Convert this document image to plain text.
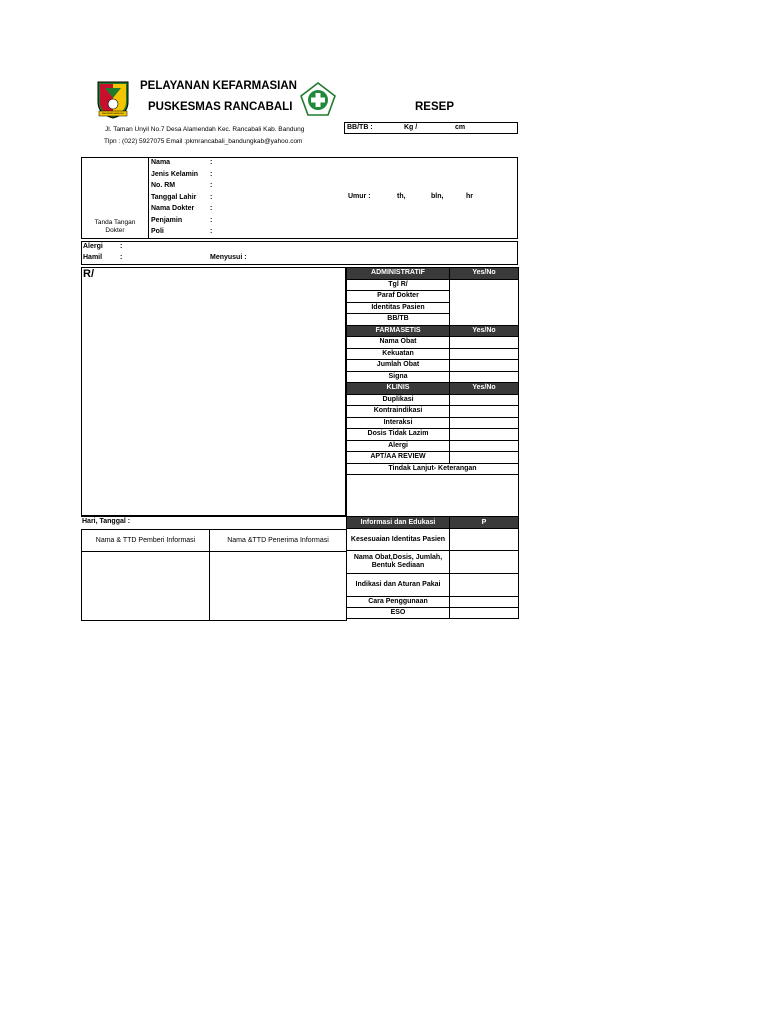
KABUPATEN BANDUNG
PELAYANAN KEFARMASIAN
PUSKESMAS RANCABALI	RESEP
Jl. Taman Unyil No.7 Desa Alamendah Kec. Rancabali Kab. Bandung
Tlpn : (022) 5927075 Email :pkmrancabali_bandungkab@yahoo.com
BB/TB :	Kg /	cm
Tanda Tangan Dokter
Nama	:
Jenis Kelamin :
No. RM	:
Tanggal Lahir :
Nama Dokter :
Penjamin	:
Poli	:
Umur :	th,	bln,	hr
Alergi :
Hamil	:	Menyusui :
R/	ADMINISTRATIF	Yes/No
Tgl R/
Paraf Dokter
Identitas Pasien
BB/TB
FARMASETIS	Yes/No
Nama Obat
Kekuatan
Jumlah Obat
Signa
KLINIS	Yes/No
Duplikasi
Kontraindikasi
Interaksi
Dosis Tidak Lazim
Alergi
APT/AA REVIEW
Tindak Lanjut- Keterangan
Hari, Tanggal :
Nama & TTD Pemberi Informasi	Nama &TTD Penerima Informasi
Informasi dan Edukasi	P
Kesesuaian Identitas Pasien
Nama Obat,Dosis, Jumlah, Bentuk Sediaan
Indikasi dan Aturan Pakai
Cara Penggunaan
ESO
